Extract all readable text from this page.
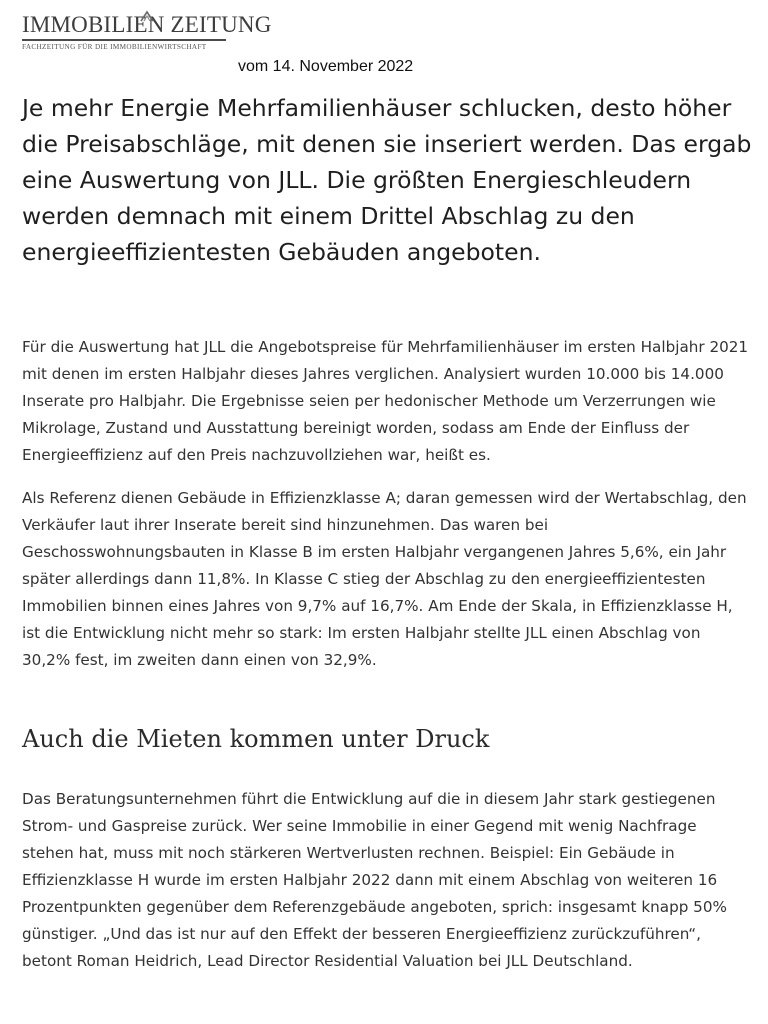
IMMOBILIEN ZEITUNG
FACHZEITUNG FÜR DIE IMMOBILIENWIRTSCHAFT
vom 14. November 2022
Je mehr Energie Mehrfamilienhäuser schlucken, desto höher die Preisabschläge, mit denen sie inseriert werden. Das ergab eine Auswertung von JLL. Die größten Energieschleudern werden demnach mit einem Drittel Abschlag zu den energieeffizientesten Gebäuden angeboten.

Für die Auswertung hat JLL die Angebotspreise für Mehrfamilienhäuser im ersten Halbjahr 2021 mit denen im ersten Halbjahr dieses Jahres verglichen. Analysiert wurden 10.000 bis 14.000 Inserate pro Halbjahr. Die Ergebnisse seien per hedonischer Methode um Verzerrungen wie Mikrolage, Zustand und Ausstattung bereinigt worden, sodass am Ende der Einfluss der Energieeffizienz auf den Preis nachzuvollziehen war, heißt es.

Als Referenz dienen Gebäude in Effizienzklasse A; daran gemessen wird der Wertabschlag, den Verkäufer laut ihrer Inserate bereit sind hinzunehmen. Das waren bei Geschosswohnungsbauten in Klasse B im ersten Halbjahr vergangenen Jahres 5,6%, ein Jahr später allerdings dann 11,8%. In Klasse C stieg der Abschlag zu den energieeffizientesten Immobilien binnen eines Jahres von 9,7% auf 16,7%. Am Ende der Skala, in Effizienzklasse H, ist die Entwicklung nicht mehr so stark: Im ersten Halbjahr stellte JLL einen Abschlag von 30,2% fest, im zweiten dann einen von 32,9%.

Auch die Mieten kommen unter Druck

Das Beratungsunternehmen führt die Entwicklung auf die in diesem Jahr stark gestiegenen Strom- und Gaspreise zurück. Wer seine Immobilie in einer Gegend mit wenig Nachfrage stehen hat, muss mit noch stärkeren Wertverlusten rechnen. Beispiel: Ein Gebäude in Effizienzklasse H wurde im ersten Halbjahr 2022 dann mit einem Abschlag von weiteren 16 Prozentpunkten gegenüber dem Referenzgebäude angeboten, sprich: insgesamt knapp 50% günstiger. „Und das ist nur auf den Effekt der besseren Energieeffizienz zurückzuführen“, betont Roman Heidrich, Lead Director Residential Valuation bei JLL Deutschland.
